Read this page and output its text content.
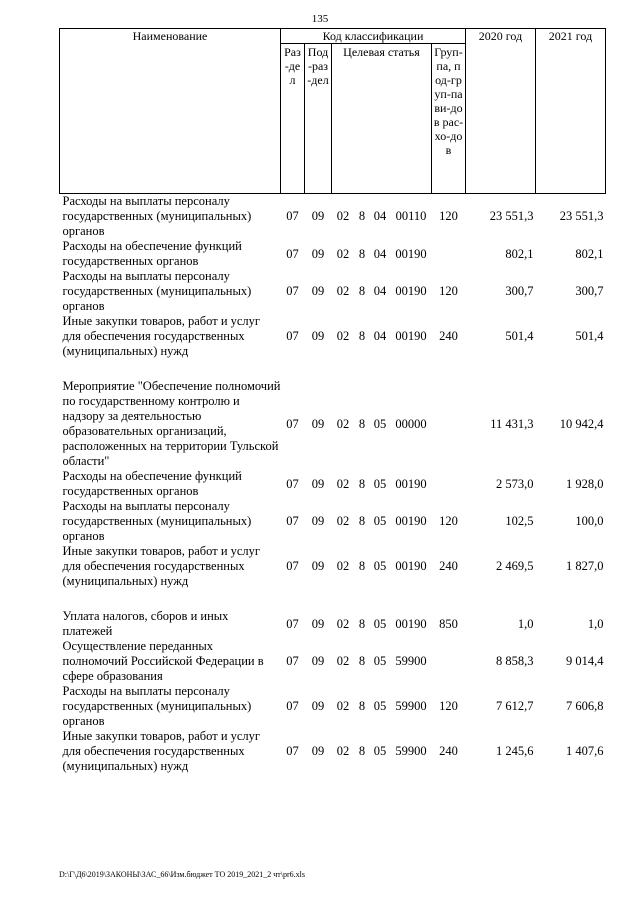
135
Наименование	Код классификации							2020 год	2021 год

	Раз-дел	Под-раз-дел	Целевая статья				Груп-па, под-груп-па ви-дов рас-хо-дов		

Расходы на выплаты персоналу государственных (муниципальных) органов	07	09	02	8	04	00110	120	23 551,3	23 551,3
Расходы на обеспечение функций государственных органов	07	09	02	8	04	00190		802,1	802,1
Расходы на выплаты персоналу государственных (муниципальных) органов	07	09	02	8	04	00190	120	300,7	300,7
Иные закупки товаров, работ и услуг для обеспечения государственных (муниципальных) нужд	07	09	02	8	04	00190	240	501,4	501,4

Мероприятие "Обеспечение полномочий по государственному контролю и надзору за деятельностью образовательных организаций, расположенных на территории Тульской области"	07	09	02	8	05	00000		11 431,3	10 942,4
Расходы на обеспечение функций государственных органов	07	09	02	8	05	00190		2 573,0	1 928,0
Расходы на выплаты персоналу государственных (муниципальных) органов	07	09	02	8	05	00190	120	102,5	100,0
Иные закупки товаров, работ и услуг для обеспечения государственных (муниципальных) нужд	07	09	02	8	05	00190	240	2 469,5	1 827,0

Уплата налогов, сборов и иных платежей	07	09	02	8	05	00190	850	1,0	1,0
Осуществление переданных полномочий Российской Федерации в сфере образования	07	09	02	8	05	59900		8 858,3	9 014,4
Расходы на выплаты персоналу государственных (муниципальных) органов	07	09	02	8	05	59900	120	7 612,7	7 606,8
Иные закупки товаров, работ и услуг для обеспечения государственных (муниципальных) нужд	07	09	02	8	05	59900	240	1 245,6	1 407,6
D:\Г\Д6\2019\ЗАКОНЫ\ЗАС_66\Изм.бюджет ТО 2019_2021_2 чт\pr6.xls
